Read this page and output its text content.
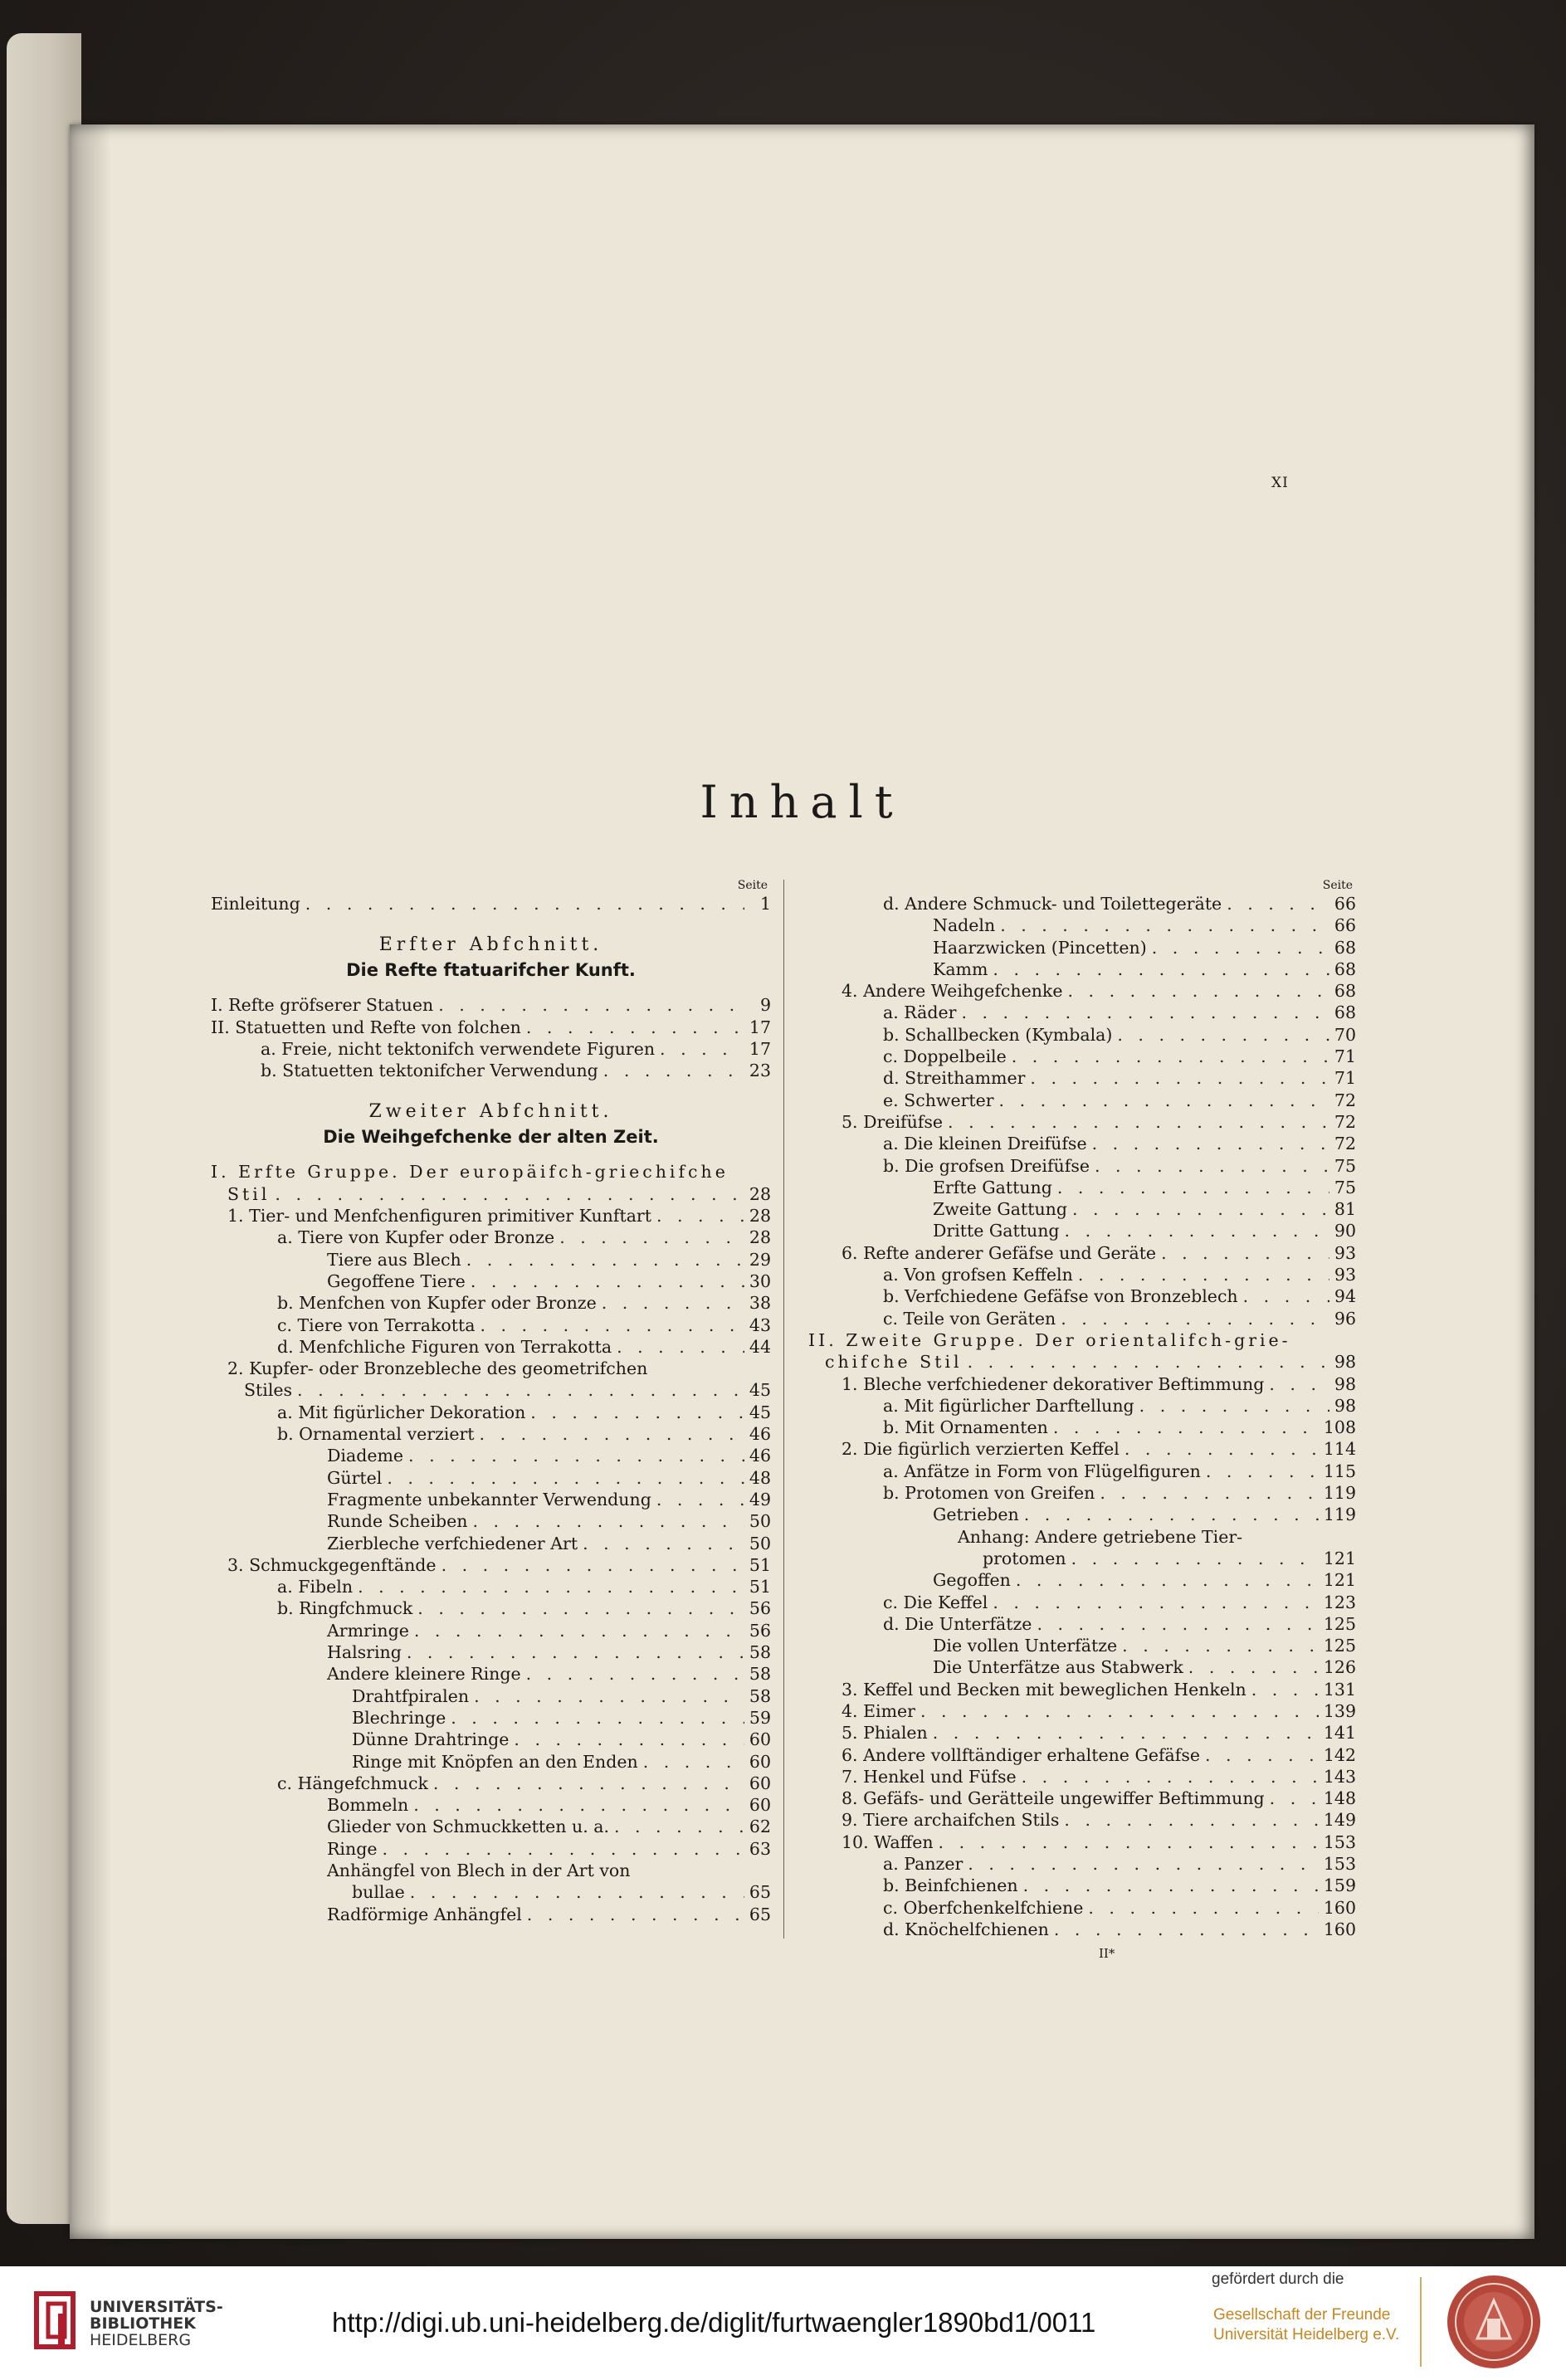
XI
Inhalt
Seite
Einleitung . . .	1
Erfter Abfchnitt.
Die Refte ftatuarifcher Kunft.
I. Refte gröfserer Statuen . . .	9
II. Statuetten und Refte von folchen . . .	17
a. Freie, nicht tektonifch verwendete Figuren . . .	17
b. Statuetten tektonifcher Verwendung . . .	23
Zweiter Abfchnitt.
Die Weihgefchenke der alten Zeit.
I. Erfte Gruppe. Der europäifch-griechifche
Stil . . .	28
1. Tier- und Menfchenfiguren primitiver Kunftart . . .	28
a. Tiere von Kupfer oder Bronze . . .	28
Tiere aus Blech . . .	29
Gegoffene Tiere . . .	30
b. Menfchen von Kupfer oder Bronze . . .	38
c. Tiere von Terrakotta . . .	43
d. Menfchliche Figuren von Terrakotta . . .	44
2. Kupfer- oder Bronzebleche des geometrifchen
Stiles . . .	45
a. Mit figürlicher Dekoration . . .	45
b. Ornamental verziert . . .	46
Diademe . . .	46
Gürtel . . .	48
Fragmente unbekannter Verwendung . . .	49
Runde Scheiben . . .	50
Zierbleche verfchiedener Art . . .	50
3. Schmuckgegenftände . . .	51
a. Fibeln . . .	51
b. Ringfchmuck . . .	56
Armringe . . .	56
Halsring . . .	58
Andere kleinere Ringe . . .	58
Drahtfpiralen . . .	58
Blechringe . . .	59
Dünne Drahtringe . . .	60
Ringe mit Knöpfen an den Enden . . .	60
c. Hängefchmuck . . .	60
Bommeln . . .	60
Glieder von Schmuckketten u. a. . . .	62
Ringe . . .	63
Anhängfel von Blech in der Art von
bullae . . .	65
Radförmige Anhängfel . . .	65
Seite
d. Andere Schmuck- und Toilettegeräte . . .	66
Nadeln . . .	66
Haarzwicken (Pincetten) . . .	68
Kamm . . .	68
4. Andere Weihgefchenke . . .	68
a. Räder . . .	68
b. Schallbecken (Kymbala) . . .	70
c. Doppelbeile . . .	71
d. Streithammer . . .	71
e. Schwerter . . .	72
5. Dreifüfse . . .	72
a. Die kleinen Dreifüfse . . .	72
b. Die grofsen Dreifüfse . . .	75
Erfte Gattung . . .	75
Zweite Gattung . . .	81
Dritte Gattung . . .	90
6. Refte anderer Gefäfse und Geräte . . .	93
a. Von grofsen Keffeln . . .	93
b. Verfchiedene Gefäfse von Bronzeblech . . .	94
c. Teile von Geräten . . .	96
II. Zweite Gruppe. Der orientalifch-grie-
chifche Stil . . .	98
1. Bleche verfchiedener dekorativer Beftimmung . . .	98
a. Mit figürlicher Darftellung . . .	98
b. Mit Ornamenten . . .	108
2. Die figürlich verzierten Keffel . . .	114
a. Anfätze in Form von Flügelfiguren . . .	115
b. Protomen von Greifen . . .	119
Getrieben . . .	119
Anhang: Andere getriebene Tier-
protomen . . .	121
Gegoffen . . .	121
c. Die Keffel . . .	123
d. Die Unterfätze . . .	125
Die vollen Unterfätze . . .	125
Die Unterfätze aus Stabwerk . . .	126
3. Keffel und Becken mit beweglichen Henkeln . . .	131
4. Eimer . . .	139
5. Phialen . . .	141
6. Andere vollftändiger erhaltene Gefäfse . . .	142
7. Henkel und Füfse . . .	143
8. Gefäfs- und Gerätteile ungewiffer Beftimmung . . .	148
9. Tiere archaifchen Stils . . .	149
10. Waffen . . .	153
a. Panzer . . .	153
b. Beinfchienen . . .	159
c. Oberfchenkelfchiene . . .	160
d. Knöchelfchienen . . .	160
II*
UNIVERSITÄTS-
BIBLIOTHEK
HEIDELBERG
http://digi.ub.uni-heidelberg.de/diglit/furtwaengler1890bd1/0011
gefördert durch die
Gesellschaft der Freunde
Universität Heidelberg e.V.
